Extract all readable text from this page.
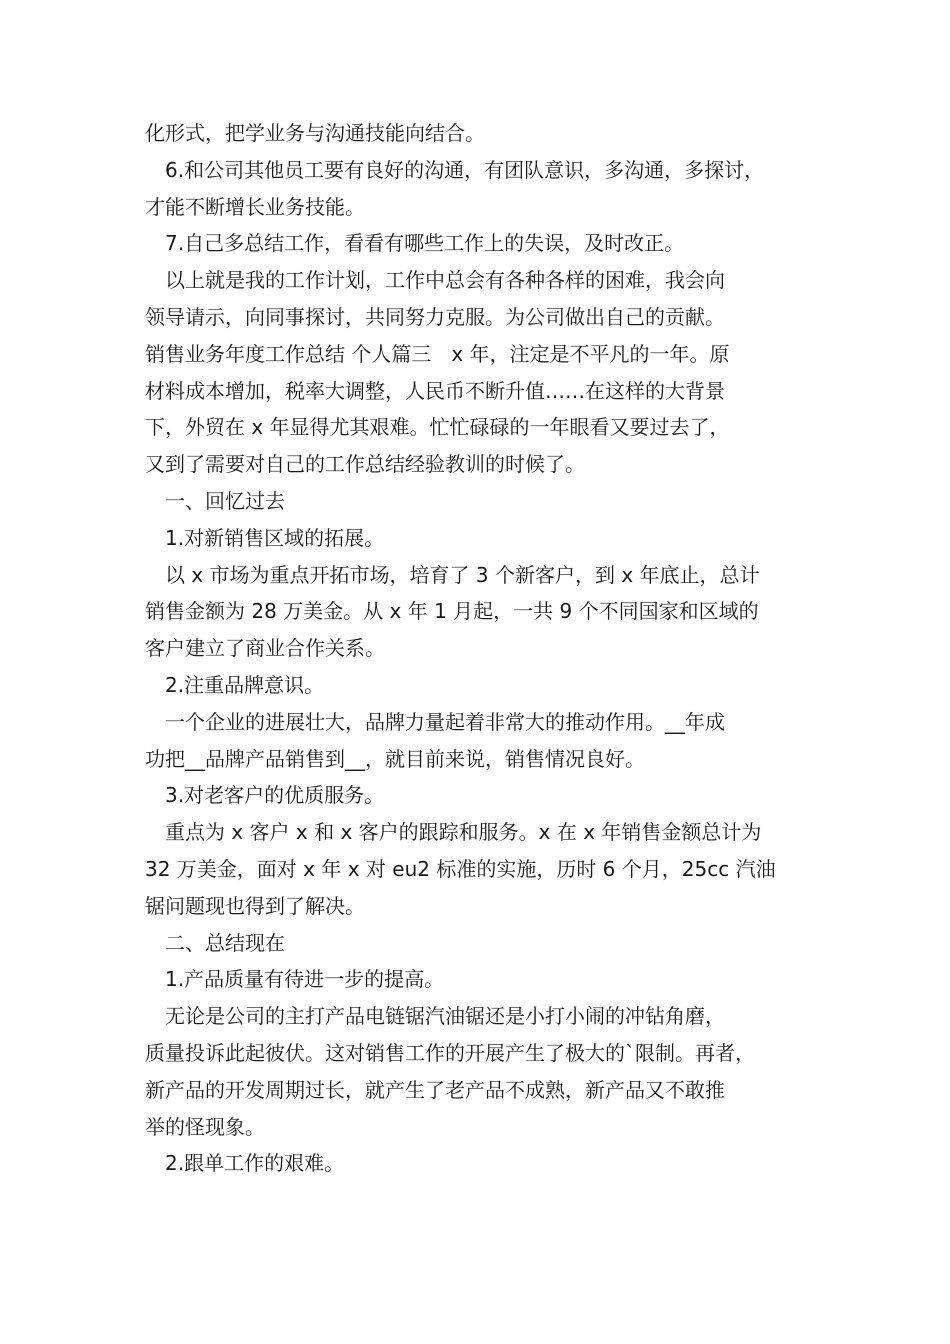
化形式，把学业务与沟通技能向结合。
6.和公司其他员工要有良好的沟通，有团队意识，多沟通，多探讨，
才能不断增长业务技能。
7.自己多总结工作，看看有哪些工作上的失误，及时改正。
以上就是我的工作计划，工作中总会有各种各样的困难，我会向
领导请示，向同事探讨，共同努力克服。为公司做出自己的贡献。
销售业务年度工作总结 个人篇三　x 年，注定是不平凡的一年。原
材料成本增加，税率大调整，人民币不断升值……在这样的大背景
下，外贸在 x 年显得尤其艰难。忙忙碌碌的一年眼看又要过去了，
又到了需要对自己的工作总结经验教训的时候了。
一、回忆过去
1.对新销售区域的拓展。
以 x 市场为重点开拓市场，培育了 3 个新客户，到 x 年底止，总计
销售金额为 28 万美金。从 x 年 1 月起，一共 9 个不同国家和区域的
客户建立了商业合作关系。
2.注重品牌意识。
一个企业的进展壮大，品牌力量起着非常大的推动作用。__年成
功把__品牌产品销售到__，就目前来说，销售情况良好。
3.对老客户的优质服务。
重点为 x 客户 x 和 x 客户的跟踪和服务。x 在 x 年销售金额总计为
32 万美金，面对 x 年 x 对 eu2 标准的实施，历时 6 个月，25cc 汽油
锯问题现也得到了解决。
二、总结现在
1.产品质量有待进一步的提高。
无论是公司的主打产品电链锯汽油锯还是小打小闹的冲钻角磨，
质量投诉此起彼伏。这对销售工作的开展产生了极大的`限制。再者，
新产品的开发周期过长，就产生了老产品不成熟，新产品又不敢推
举的怪现象。
2.跟单工作的艰难。
